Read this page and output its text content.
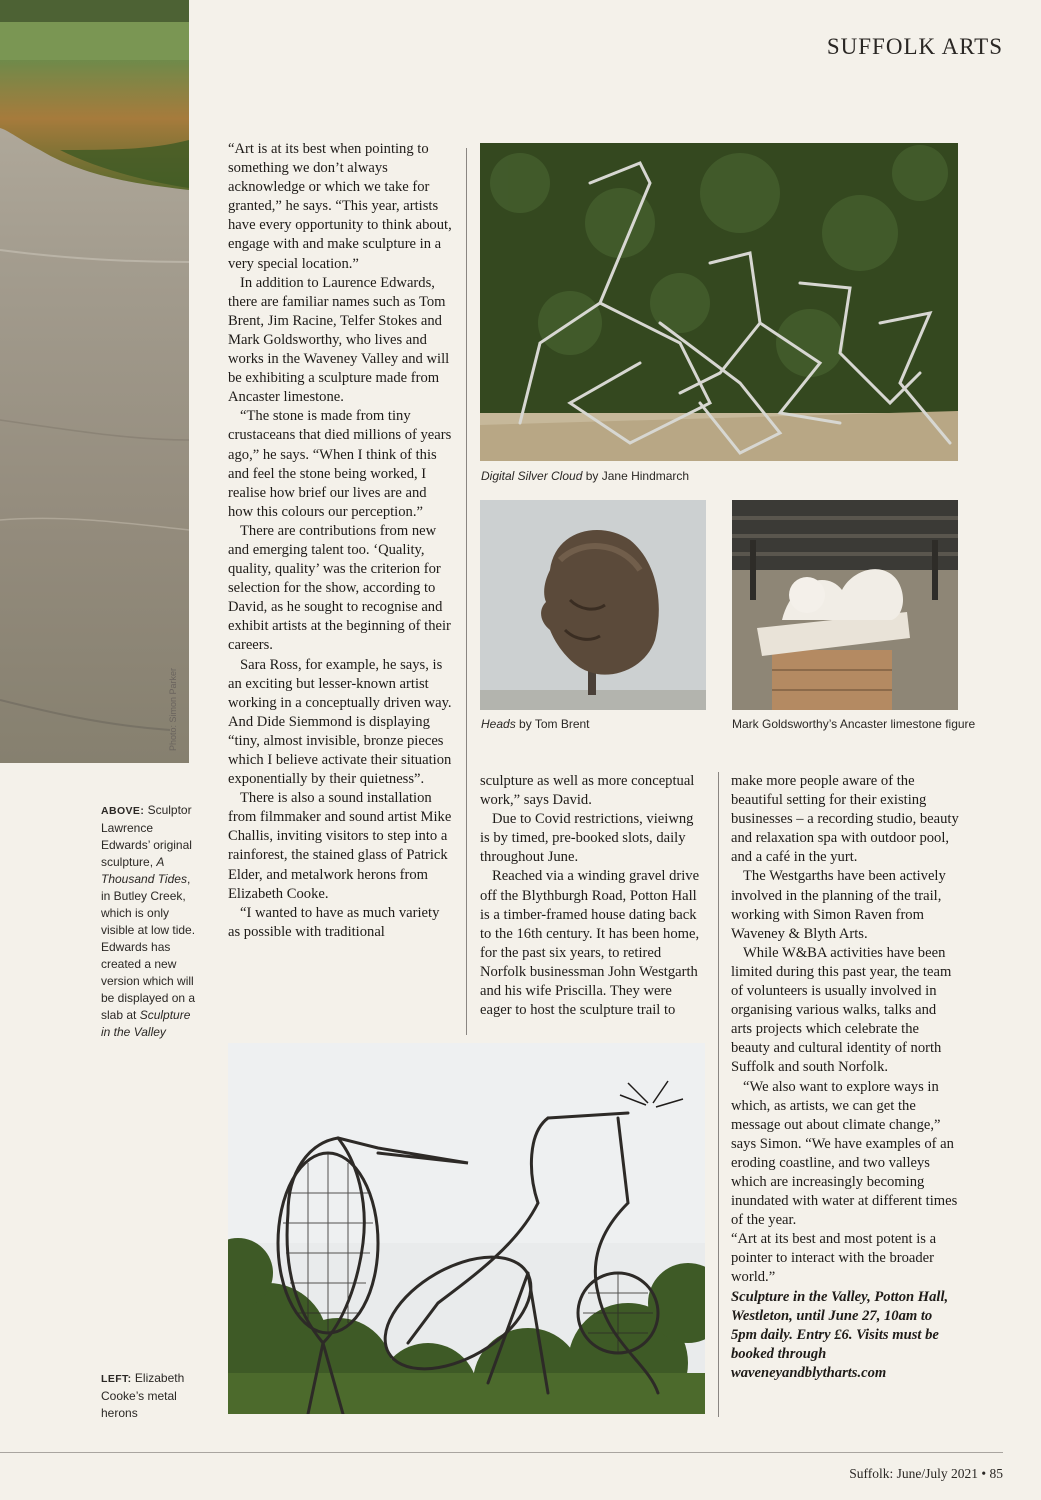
SUFFOLK ARTS
Photo: Simon Parker
ABOVE: Sculptor Lawrence Edwards’ original sculpture, A Thousand Tides, in Butley Creek, which is only visible at low tide. Edwards has created a new version which will be displayed on a slab at Sculpture in the Valley
LEFT: Elizabeth Cooke’s metal herons

“Art is at its best when pointing to something we don’t always acknowledge or which we take for granted,” he says. “This year, artists have every opportunity to think about, engage with and make sculpture in a very special location.”

In addition to Laurence Edwards, there are familiar names such as Tom Brent, Jim Racine, Telfer Stokes and Mark Goldsworthy, who lives and works in the Waveney Valley and will be exhibiting a sculpture made from Ancaster limestone.

“The stone is made from tiny crustaceans that died millions of years ago,” he says. “When I think of this and feel the stone being worked, I realise how brief our lives are and how this colours our perception.”

There are contributions from new and emerging talent too. ‘Quality, quality, quality’ was the criterion for selection for the show, according to David, as he sought to recognise and exhibit artists at the beginning of their careers.

Sara Ross, for example, he says, is an exciting but lesser-known artist working in a conceptually driven way. And Dide Siemmond is displaying “tiny, almost invisible, bronze pieces which I believe activate their situation exponentially by their quietness”.

There is also a sound installation from filmmaker and sound artist Mike Challis, inviting visitors to step into a rainforest, the stained glass of Patrick Elder, and metalwork herons from Elizabeth Cooke.

“I wanted to have as much variety as possible with traditional

Digital Silver Cloud by Jane Hindmarch
Heads by Tom Brent	Mark Goldsworthy’s Ancaster limestone figure

sculpture as well as more conceptual work,” says David.

Due to Covid restrictions, vieiwng is by timed, pre-booked slots, daily throughout June.

Reached via a winding gravel drive off the Blythburgh Road, Potton Hall is a timber-framed house dating back to the 16th century. It has been home, for the past six years, to retired Norfolk businessman John Westgarth and his wife Priscilla. They were eager to host the sculpture trail to

make more people aware of the beautiful setting for their existing businesses – a recording studio, beauty and relaxation spa with outdoor pool, and a café in the yurt.

The Westgarths have been actively involved in the planning of the trail, working with Simon Raven from Waveney & Blyth Arts.

While W&BA activities have been limited during this past year, the team of volunteers is usually involved in organising various walks, talks and arts projects which celebrate the beauty and cultural identity of north Suffolk and south Norfolk.

“We also want to explore ways in which, as artists, we can get the message out about climate change,” says Simon. “We have examples of an eroding coastline, and two valleys which are increasingly becoming inundated with water at different times of the year.

“Art at its best and most potent is a pointer to interact with the broader world.”

Sculpture in the Valley, Potton Hall, Westleton, until June 27, 10am to 5pm daily. Entry £6. Visits must be booked through waveneyandblytharts.com

Suffolk: June/July 2021 • 85
